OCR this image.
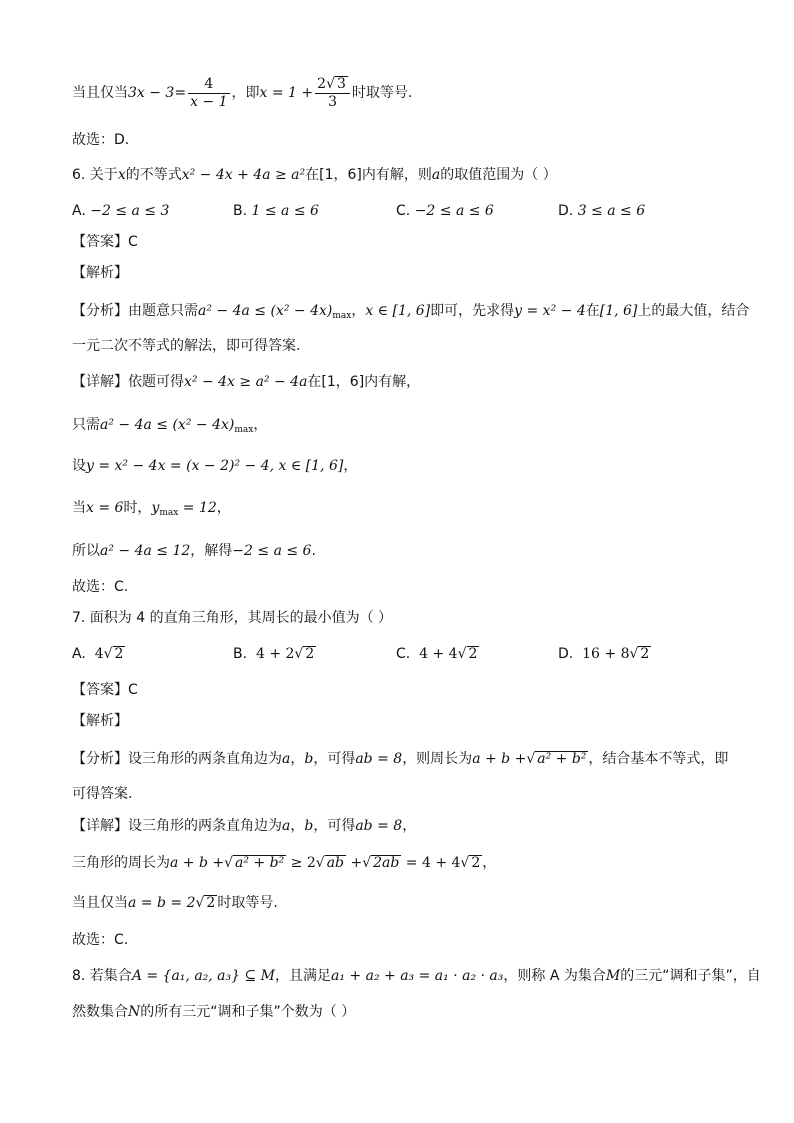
当且仅当$3x - 3= \frac{4}{x - 1}$ ，即$x = 1 + \frac{2√ 3}{3}$ 时取等号.
故选：D.
6. 关于x的不等式x² − 4x + 4a ≥ a²在[1，6]内有解，则a的取值范围为（ ）
A. −2 ≤ a ≤ 3	B. 1 ≤ a ≤ 6	C. −2 ≤ a ≤ 6	D. 3 ≤ a ≤ 6
【答案】C
【解析】
【分析】由题意只需$a^2 - 4a \le (x^2 - 4x)_{max}$，x ∈ [1, 6]即可，先求得y = x² − 4在[1, 6]上的最大值，结合
一元二次不等式的解法，即可得答案.
【详解】依题可得x² − 4x ≥ a² − 4a在[1，6]内有解，
只需$a^2 - 4a \le (x^2 - 4x)_{max}$，
设y = x² − 4x = (x − 2)² − 4, x ∈ [1, 6]，
当x = 6时，$y_{max} = 12$，
所以a² − 4a ≤ 12，解得−2 ≤ a ≤ 6.
故选：C.
7. 面积为 4 的直角三角形，其周长的最小值为（ ）
A. 4√ 2	B. 4 + 2√ 2	C. 4 + 4√ 2	D. 16 + 8√ 2
【答案】C
【解析】
【分析】设三角形的两条直角边为a，b，可得ab = 8，则周长为a + b +√ a² + b² ，结合基本不等式，即
可得答案.
【详解】设三角形的两条直角边为a，b，可得ab = 8，
三角形的周长为a + b +√ a² + b² ≥ 2√ ab +√ 2ab = 4 + 4√ 2 ，
当且仅当a = b = 2√ 2 时取等号.
故选：C.
8. 若集合A = {a₁, a₂, a₃} ⊆ M，且满足a₁ + a₂ + a₃ = a₁ · a₂ · a₃，则称 A 为集合M的三元“调和子集”，自
然数集合N的所有三元“调和子集”个数为（ ）
